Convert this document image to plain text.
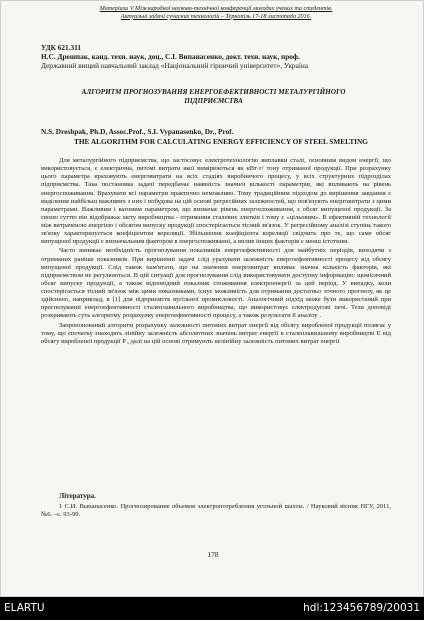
Матеріали V Міжнародної науково-технічної конференції молодих учених та студентів.
Актуальні задачі сучасних технологій – Тернопіль 17-18 листопада 2016.
УДК 621.311
Н.С. Дрешпак, канд. техн. наук, доц., С.І. Випанасенко, докт. техн. наук, проф.
Державний вищий навчальний заклад «Національний гірничий університет», Україна
АЛГОРИТМ ПРОГНОЗУВАННЯ ЕНЕРГОЕФЕКТИВНОСТІ МЕТАЛУРГІЙНОГО ПІДПРИЄМСТВА
N.S. Dreshpak, Ph.D, Assoc.Prof., S.I. Vypanasenko, Dr., Prof.
THE ALGORITHM FOR CALCULATING ENERGY EFFICIENCY OF STEEL SMELTING

Для металургійного підприємства, що застосовує електротехнологію виплавки сталі, основним видом енергії, що використовується, є електрична, питомі витрати якої вимірюються як кВт·г/ тону отриманої продукції. При розрахунку цього параметра враховують енерговитрати на всіх стадіях виробничого процесу, у всіх структурних підрозділах підприємства. Така постановка задачі передбачає наявність значної кількості параметрів, які впливають на рівень енергоспоживання. Врахувати всі параметри практично неможливо. Тому традиційним підходом до вирішення завдання є виділення найбільш важливих з них і побудова на цій основі регресійних залежностей, що пов'язують енерговитрати з цими параметрами. Важливим і вагомим параметром, що визначає рівень енергоспоживання, є обсяг випущеної продукції. За своєю суттю він відображає мету виробництва - отримання сталевих злитків і тому є «цільовим». В ефективній технології між витраченою енергією і обсягом випуску продукції спостерігається тісний зв'язок. У регресійному аналізі ступінь такого зв'язку характеризується коефіцієнтом кореляції. Збільшення коефіцієнта кореляції свідчить про те, що саме обсяг випущеної продукції є визначальним фактором в енергоспоживанні, а вплив інших факторів є менш істотним.

Часто виникає необхідність прогнозування показників енергоефективності для майбутніх періодів, виходячи з отриманих раніше показників. При вирішенні задачі слід урахувати залежність енергоефективності процесу від обсягу випущеної продукції. Слід також пам'ятати, що на значення енерговитрат впливає значна кількість факторів, які підприємством не регулюються. В цій ситуації для прогнозування слід використовувати доступну інформацію: щомісячний обсяг випуску продукції, а також відповідний показник споживання електроенергії за цей період. У випадку, коли спостерігається тісний зв'язок між цими показниками, існує можливість для отримання достатньо точного прогнозу, як це здійснено, наприклад, в [1] для підприємств вугільної промисловості. Аналогічний підхід може бути використаний при прогнозуванні енергоефективності сталеплавильного виробництва, що використовує електродугові печі. Тези доповіді розкривають суть алгоритму розрахунку енергоефективності процесу, а також результати її аналізу .

Запропонований алгоритм розрахунку залежності питомих витрат енергії від обсягу виробленої продукції полягає у тому, що спочатку знаходять лінійну залежність абсолютних значень витрат енергії в сталеплавильному виробництві E від обсягу виробленої продукції P , далі на цій основі отримують нелінійну залежність питомих витрат енергії

Література.

1 С.И. Выпанасенко. Прогнозирование объемов электропотребления угольной шахты. / Науковий вісник НГУ, 2011, №6. –с. 93-99.

178
ELARTU	hdl:123456789/20031
